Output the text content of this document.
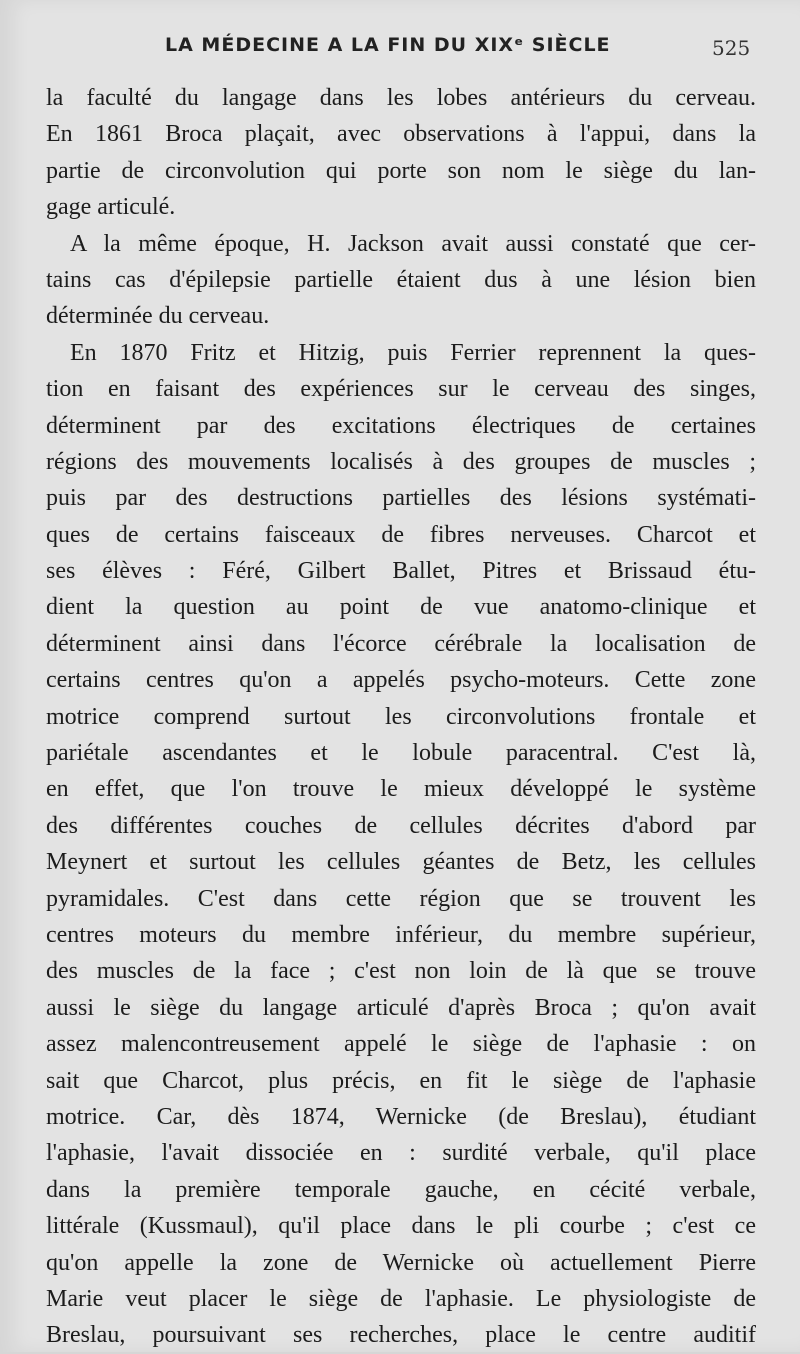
LA MÉDECINE A LA FIN DU XIXᵉ SIÈCLE	525
la faculté du langage dans les lobes antérieurs du cerveau.
En 1861 Broca plaçait, avec observations à l'appui, dans la
partie de circonvolution qui porte son nom le siège du lan-
gage articulé.
A la même époque, H. Jackson avait aussi constaté que cer-
tains cas d'épilepsie partielle étaient dus à une lésion bien
déterminée du cerveau.
En 1870 Fritz et Hitzig, puis Ferrier reprennent la ques-
tion en faisant des expériences sur le cerveau des singes,
déterminent par des excitations électriques de certaines
régions des mouvements localisés à des groupes de muscles ;
puis par des destructions partielles des lésions systémati-
ques de certains faisceaux de fibres nerveuses. Charcot et
ses élèves : Féré, Gilbert Ballet, Pitres et Brissaud étu-
dient la question au point de vue anatomo-clinique et
déterminent ainsi dans l'écorce cérébrale la localisation de
certains centres qu'on a appelés psycho-moteurs. Cette zone
motrice comprend surtout les circonvolutions frontale et
pariétale ascendantes et le lobule paracentral. C'est là,
en effet, que l'on trouve le mieux développé le système
des différentes couches de cellules décrites d'abord par
Meynert et surtout les cellules géantes de Betz, les cellules
pyramidales. C'est dans cette région que se trouvent les
centres moteurs du membre inférieur, du membre supérieur,
des muscles de la face ; c'est non loin de là que se trouve
aussi le siège du langage articulé d'après Broca ; qu'on avait
assez malencontreusement appelé le siège de l'aphasie : on
sait que Charcot, plus précis, en fit le siège de l'aphasie
motrice. Car, dès 1874, Wernicke (de Breslau), étudiant
l'aphasie, l'avait dissociée en : surdité verbale, qu'il place
dans la première temporale gauche, en cécité verbale,
littérale (Kussmaul), qu'il place dans le pli courbe ; c'est ce
qu'on appelle la zone de Wernicke où actuellement Pierre
Marie veut placer le siège de l'aphasie. Le physiologiste de
Breslau, poursuivant ses recherches, place le centre auditif
